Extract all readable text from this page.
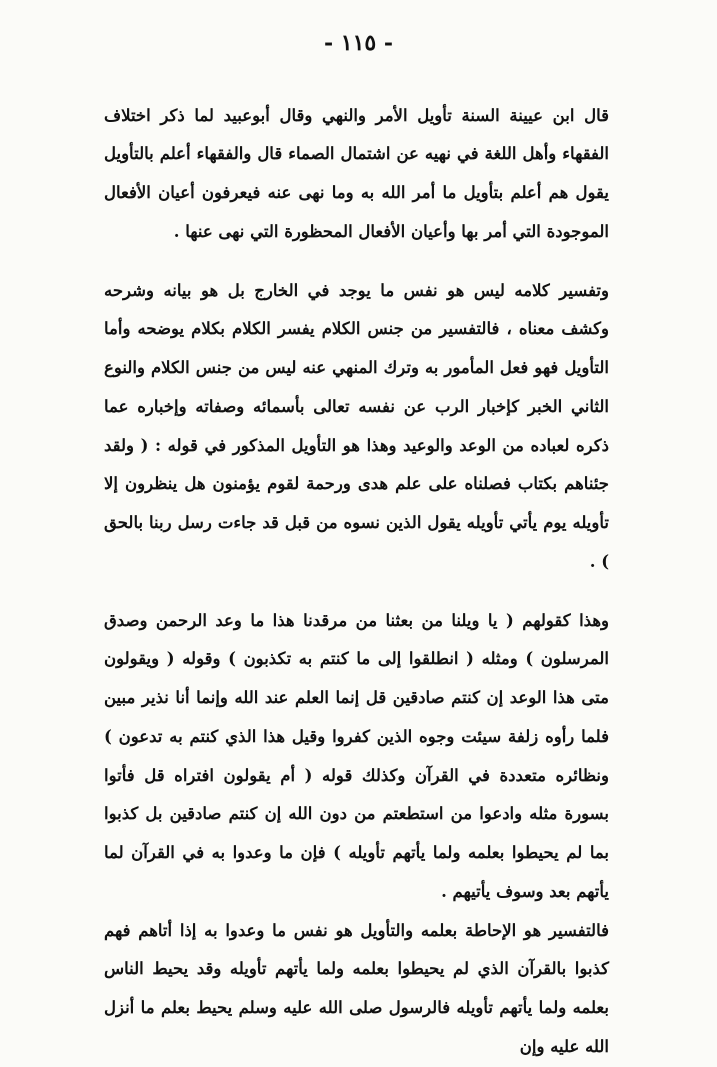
- ١١٥ -

قال ابن عيينة السنة تأويل الأمر والنهي وقال أبوعبيد لما ذكر اختلاف الفقهاء وأهل اللغة في نهيه عن اشتمال الصماء قال والفقهاء أعلم بالتأويل يقول هم أعلم بتأويل ما أمر الله به وما نهى عنه فيعرفون أعيان الأفعال الموجودة التي أمر بها وأعيان الأفعال المحظورة التي نهى عنها .

وتفسير كلامه ليس هو نفس ما يوجد في الخارج بل هو بيانه وشرحه وكشف معناه ، فالتفسير من جنس الكلام يفسر الكلام بكلام يوضحه وأما التأويل فهو فعل المأمور به وترك المنهي عنه ليس من جنس الكلام والنوع الثاني الخبر كإخبار الرب عن نفسه تعالى بأسمائه وصفاته وإخباره عما ذكره لعباده من الوعد والوعيد وهذا هو التأويل المذكور في قوله : ( ولقد جئناهم بكتاب فصلناه على علم هدى ورحمة لقوم يؤمنون هل ينظرون إلا تأويله يوم يأتي تأويله يقول الذين نسوه من قبل قد جاءت رسل ربنا بالحق ) .

وهذا كقولهم ( يا ويلنا من بعثنا من مرقدنا هذا ما وعد الرحمن وصدق المرسلون ) ومثله ( انطلقوا إلى ما كنتم به تكذبون ) وقوله ( ويقولون متى هذا الوعد إن كنتم صادقين قل إنما العلم عند الله وإنما أنا نذير مبين فلما رأوه زلفة سيئت وجوه الذين كفروا وقيل هذا الذي كنتم به تدعون ) ونظائره متعددة في القرآن وكذلك قوله ( أم يقولون افتراه قل فأتوا بسورة مثله وادعوا من استطعتم من دون الله إن كنتم صادقين بل كذبوا بما لم يحيطوا بعلمه ولما يأتهم تأويله ) فإن ما وعدوا به في القرآن لما يأتهم بعد وسوف يأتيهم .

فالتفسير هو الإحاطة بعلمه والتأويل هو نفس ما وعدوا به إذا أتاهم فهم كذبوا بالقرآن الذي لم يحيطوا بعلمه ولما يأتهم تأويله وقد يحيط الناس بعلمه ولما يأتهم تأويله فالرسول صلى الله عليه وسلم يحيط بعلم ما أنزل الله عليه وإن
